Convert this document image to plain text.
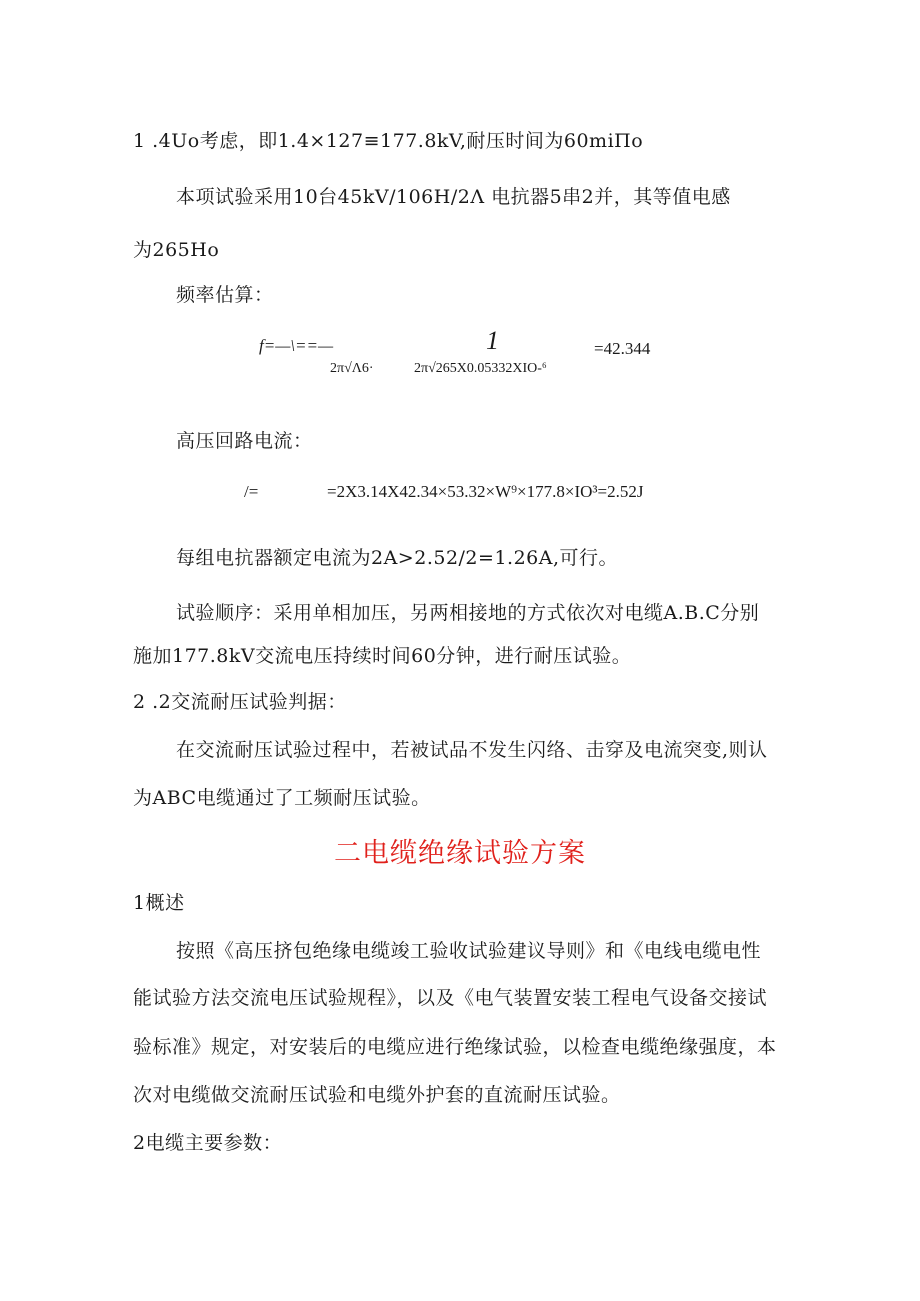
1 .4Uo考虑，即1.4×127≡177.8kV,耐压时间为60miΠo
本项试验采用10台45kV/106H/2Λ 电抗器5串2并，其等值电感
为265Ho
频率估算：
f=—\==—	1	=42.344
2π√Λ6·	2π√265X0.05332XIO-⁶
高压回路电流：
/=	=2X3.14X42.34×53.32×W⁹×177.8×IO³=2.52J
每组电抗器额定电流为2A>2.52/2=1.26A,可行。
试验顺序：采用单相加压，另两相接地的方式依次对电缆A.B.C分别
施加177.8kV交流电压持续时间60分钟，进行耐压试验。
2 .2交流耐压试验判据：
在交流耐压试验过程中，若被试品不发生闪络、击穿及电流突变,则认
为ABC电缆通过了工频耐压试验。
二电缆绝缘试验方案
1概述
按照《高压挤包绝缘电缆竣工验收试验建议导则》和《电线电缆电性
能试验方法交流电压试验规程》，以及《电气装置安装工程电气设备交接试
验标准》规定，对安装后的电缆应进行绝缘试验，以检查电缆绝缘强度，本
次对电缆做交流耐压试验和电缆外护套的直流耐压试验。
2电缆主要参数：
